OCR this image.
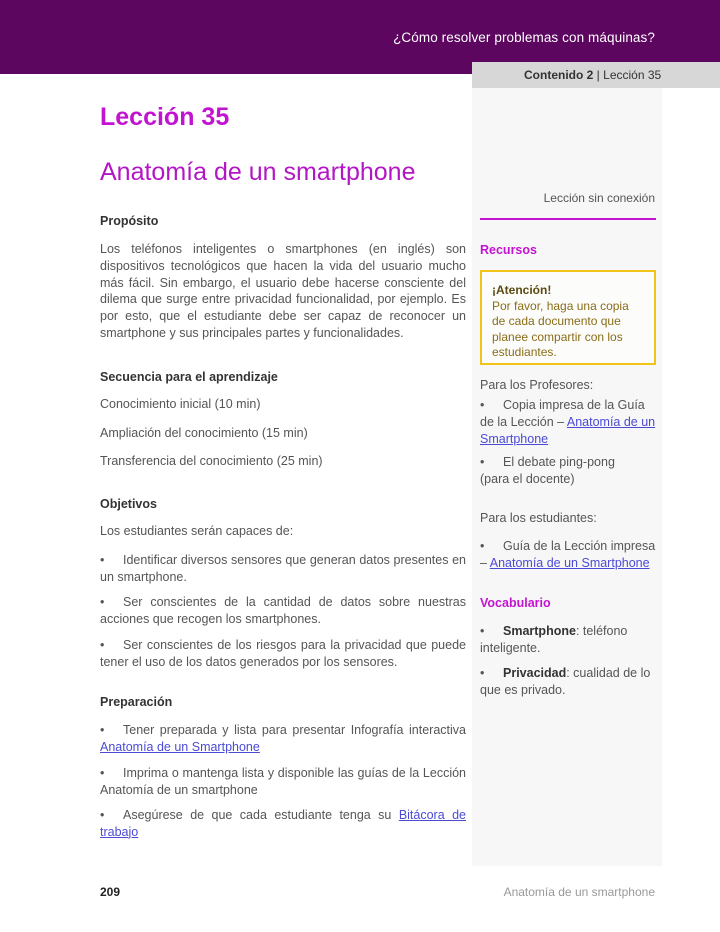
¿Cómo resolver problemas con máquinas?
Contenido 2 | Lección 35
Lección 35
Anatomía de un smartphone
Propósito
Los teléfonos inteligentes o smartphones (en inglés) son dispositivos tecnológicos que hacen la vida del usuario mucho más fácil. Sin embargo, el usuario debe hacerse consciente del dilema que surge entre privacidad funcionalidad, por ejemplo. Es por esto, que el estudiante debe ser capaz de reconocer un smartphone y sus principales partes y funcionalidades.
Secuencia para el aprendizaje
Conocimiento inicial (10 min)
Ampliación del conocimiento (15 min)
Transferencia del conocimiento (25 min)
Objetivos
Los estudiantes serán capaces de:
• Identificar diversos sensores que generan datos presentes en un smartphone.
• Ser conscientes de la cantidad de datos sobre nuestras acciones que recogen los smartphones.
• Ser conscientes de los riesgos para la privacidad que puede tener el uso de los datos generados por los sensores.
Preparación
• Tener preparada y lista para presentar Infografía interactiva Anatomía de un Smartphone
• Imprima o mantenga lista y disponible las guías de la Lección Anatomía de un smartphone
• Asegúrese de que cada estudiante tenga su Bitácora de trabajo
Lección sin conexión
Recursos
¡Atención!
Por favor, haga una copia de cada documento que planee compartir con los estudiantes.
Para los Profesores:
• Copia impresa de la Guía de la Lección – Anatomía de un Smartphone
• El debate ping-pong (para el docente)
Para los estudiantes:
• Guía de la Lección impresa – Anatomía de un Smartphone
Vocabulario
• Smartphone: teléfono inteligente.
• Privacidad: cualidad de lo que es privado.
209	Anatomía de un smartphone
